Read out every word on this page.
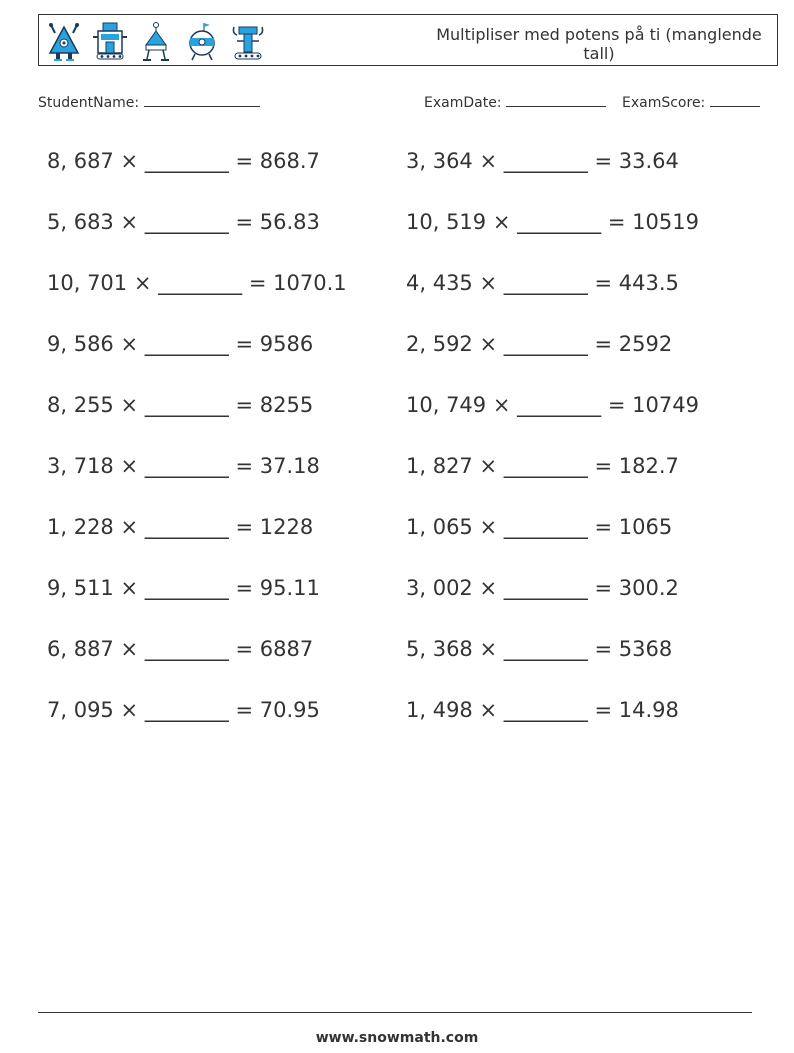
Multipliser med potens på ti (manglende tall)
StudentName:	ExamDate:	ExamScore:
8, 687 × ________ = 868.7	3, 364 × ________ = 33.64
5, 683 × ________ = 56.83	10, 519 × ________ = 10519
10, 701 × ________ = 1070.1	4, 435 × ________ = 443.5
9, 586 × ________ = 9586	2, 592 × ________ = 2592
8, 255 × ________ = 8255	10, 749 × ________ = 10749
3, 718 × ________ = 37.18	1, 827 × ________ = 182.7
1, 228 × ________ = 1228	1, 065 × ________ = 1065
9, 511 × ________ = 95.11	3, 002 × ________ = 300.2
6, 887 × ________ = 6887	5, 368 × ________ = 5368
7, 095 × ________ = 70.95	1, 498 × ________ = 14.98
www.snowmath.com
